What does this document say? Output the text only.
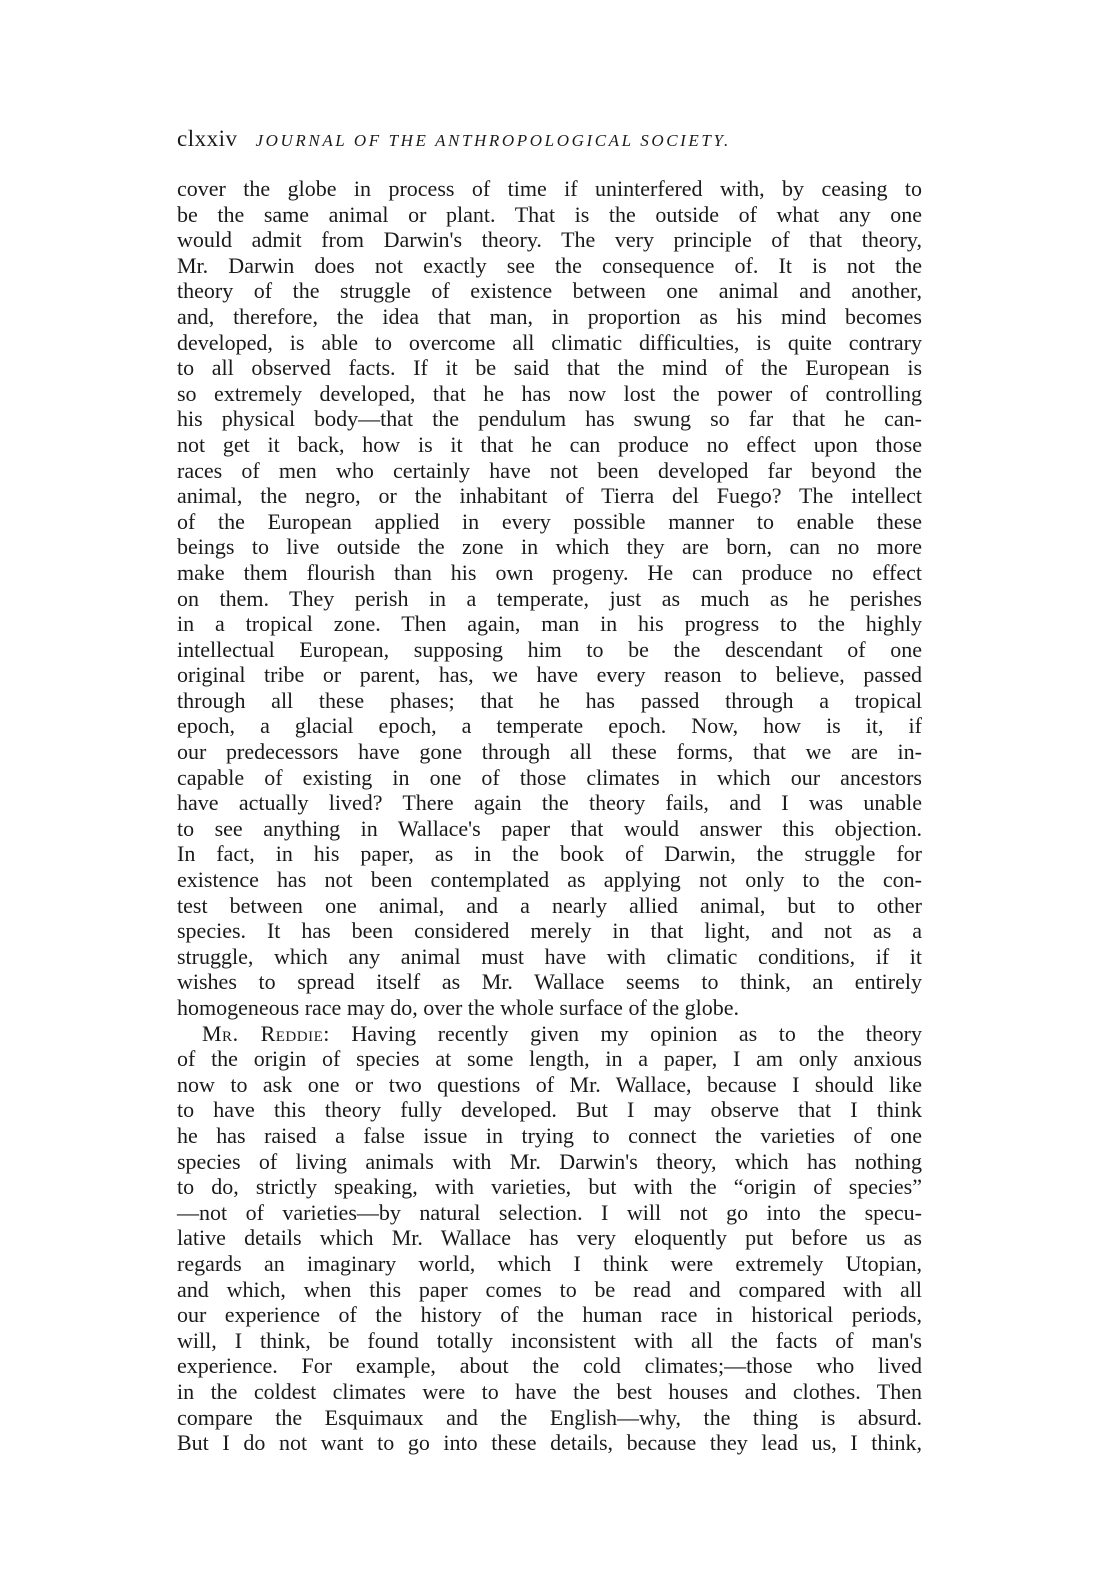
clxxiv JOURNAL OF THE ANTHROPOLOGICAL SOCIETY.
cover the globe in process of time if uninterfered with, by ceasing to
be the same animal or plant. That is the outside of what any one
would admit from Darwin's theory. The very principle of that theory,
Mr. Darwin does not exactly see the consequence of. It is not the
theory of the struggle of existence between one animal and another,
and, therefore, the idea that man, in proportion as his mind becomes
developed, is able to overcome all climatic difficulties, is quite contrary
to all observed facts. If it be said that the mind of the European is
so extremely developed, that he has now lost the power of controlling
his physical body—that the pendulum has swung so far that he can-
not get it back, how is it that he can produce no effect upon those
races of men who certainly have not been developed far beyond the
animal, the negro, or the inhabitant of Tierra del Fuego? The intellect
of the European applied in every possible manner to enable these
beings to live outside the zone in which they are born, can no more
make them flourish than his own progeny. He can produce no effect
on them. They perish in a temperate, just as much as he perishes
in a tropical zone. Then again, man in his progress to the highly
intellectual European, supposing him to be the descendant of one
original tribe or parent, has, we have every reason to believe, passed
through all these phases; that he has passed through a tropical
epoch, a glacial epoch, a temperate epoch. Now, how is it, if
our predecessors have gone through all these forms, that we are in-
capable of existing in one of those climates in which our ancestors
have actually lived? There again the theory fails, and I was unable
to see anything in Wallace's paper that would answer this objection.
In fact, in his paper, as in the book of Darwin, the struggle for
existence has not been contemplated as applying not only to the con-
test between one animal, and a nearly allied animal, but to other
species. It has been considered merely in that light, and not as a
struggle, which any animal must have with climatic conditions, if it
wishes to spread itself as Mr. Wallace seems to think, an entirely
homogeneous race may do, over the whole surface of the globe.
Mr. Reddie: Having recently given my opinion as to the theory
of the origin of species at some length, in a paper, I am only anxious
now to ask one or two questions of Mr. Wallace, because I should like
to have this theory fully developed. But I may observe that I think
he has raised a false issue in trying to connect the varieties of one
species of living animals with Mr. Darwin's theory, which has nothing
to do, strictly speaking, with varieties, but with the “origin of species”
—not of varieties—by natural selection. I will not go into the specu-
lative details which Mr. Wallace has very eloquently put before us as
regards an imaginary world, which I think were extremely Utopian,
and which, when this paper comes to be read and compared with all
our experience of the history of the human race in historical periods,
will, I think, be found totally inconsistent with all the facts of man's
experience. For example, about the cold climates;—those who lived
in the coldest climates were to have the best houses and clothes. Then
compare the Esquimaux and the English—why, the thing is absurd.
But I do not want to go into these details, because they lead us, I think,
